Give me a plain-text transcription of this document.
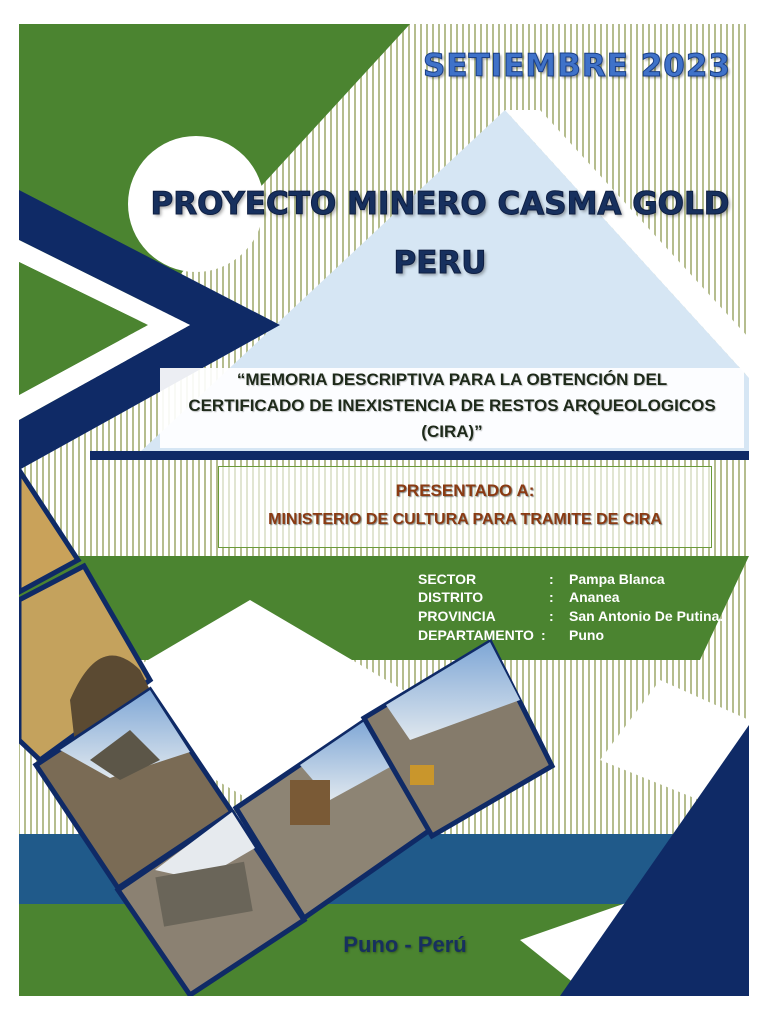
SETIEMBRE 2023
PROYECTO MINERO CASMA GOLD
PERU
“MEMORIA DESCRIPTIVA PARA LA OBTENCIÓN DEL
CERTIFICADO DE INEXISTENCIA DE RESTOS ARQUEOLOGICOS
(CIRA)”
PRESENTADO A:
MINISTERIO DE CULTURA PARA TRAMITE DE CIRA
SECTOR	: Pampa Blanca
DISTRITO	: Ananea
PROVINCIA	: San Antonio De Putina.
DEPARTAMENTO : Puno
Puno - Perú
